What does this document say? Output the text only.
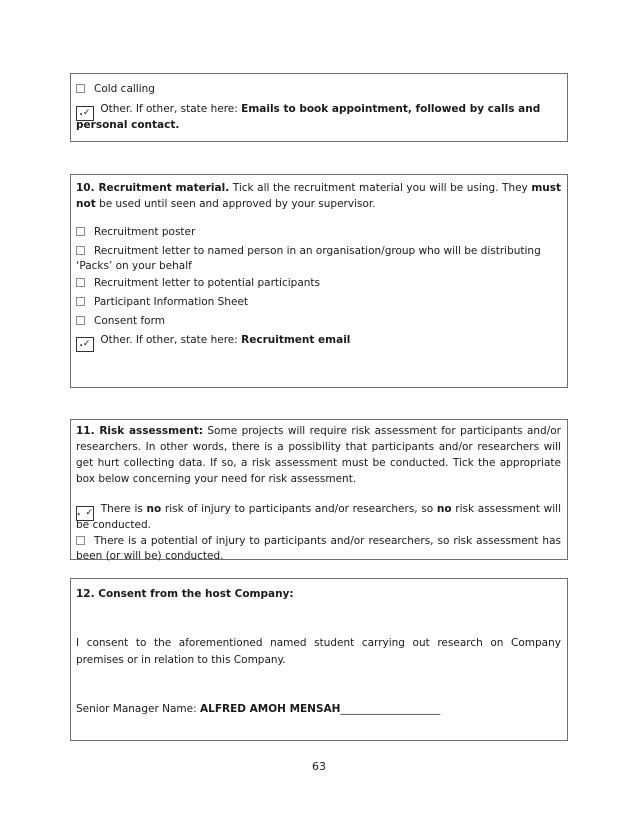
Cold calling
.✓ Other. If other, state here: Emails to book appointment, followed by calls and
personal contact.
10. Recruitment material. Tick all the recruitment material you will be using. They must
not be used until seen and approved by your supervisor.
Recruitment poster
Recruitment letter to named person in an organisation/group who will be distributing
‘Packs’ on your behalf
Recruitment letter to potential participants
Participant Information Sheet
Consent form
.✓ Other. If other, state here: Recruitment email
11. Risk assessment: Some projects will require risk assessment for participants and/or
researchers. In other words, there is a possibility that participants and/or researchers will
get hurt collecting data. If so, a risk assessment must be conducted. Tick the appropriate
box below concerning your need for risk assessment.
.✓ There is no risk of injury to participants and/or researchers, so no risk assessment will
be conducted.
There is a potential of injury to participants and/or researchers, so risk assessment has
been (or will be) conducted.
12. Consent from the host Company:
I consent to the aforementioned named student carrying out research on Company
premises or in relation to this Company.
Senior Manager Name: ALFRED AMOH MENSAH___________________
63
